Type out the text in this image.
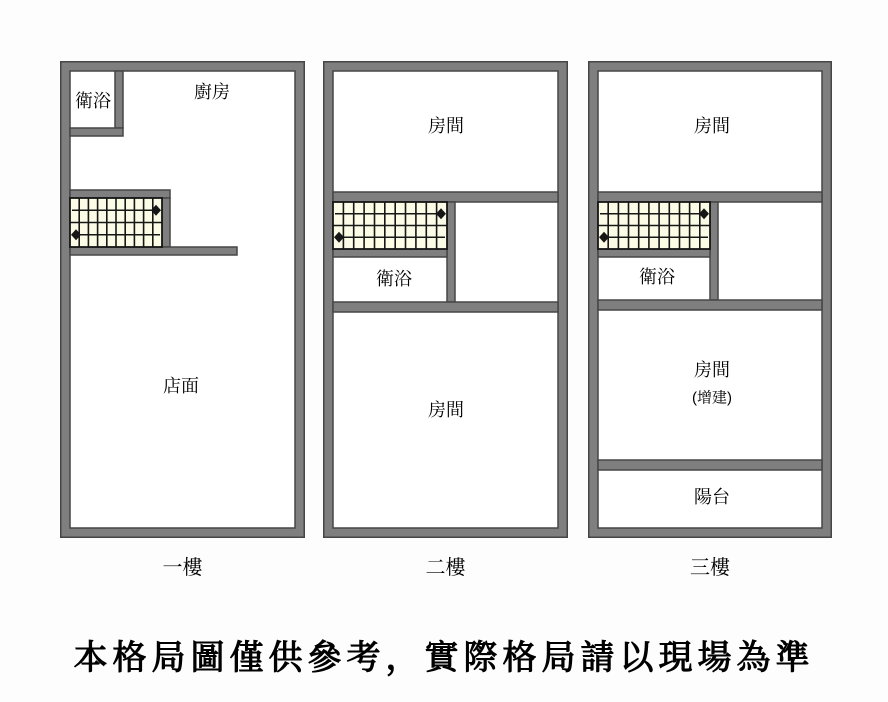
衛浴	廚房
店面
一樓
房間
衛浴
房間
二樓
房間
衛浴
房間
(增建)
陽台
三樓
本格局圖僅供參考，實際格局請以現場為準
